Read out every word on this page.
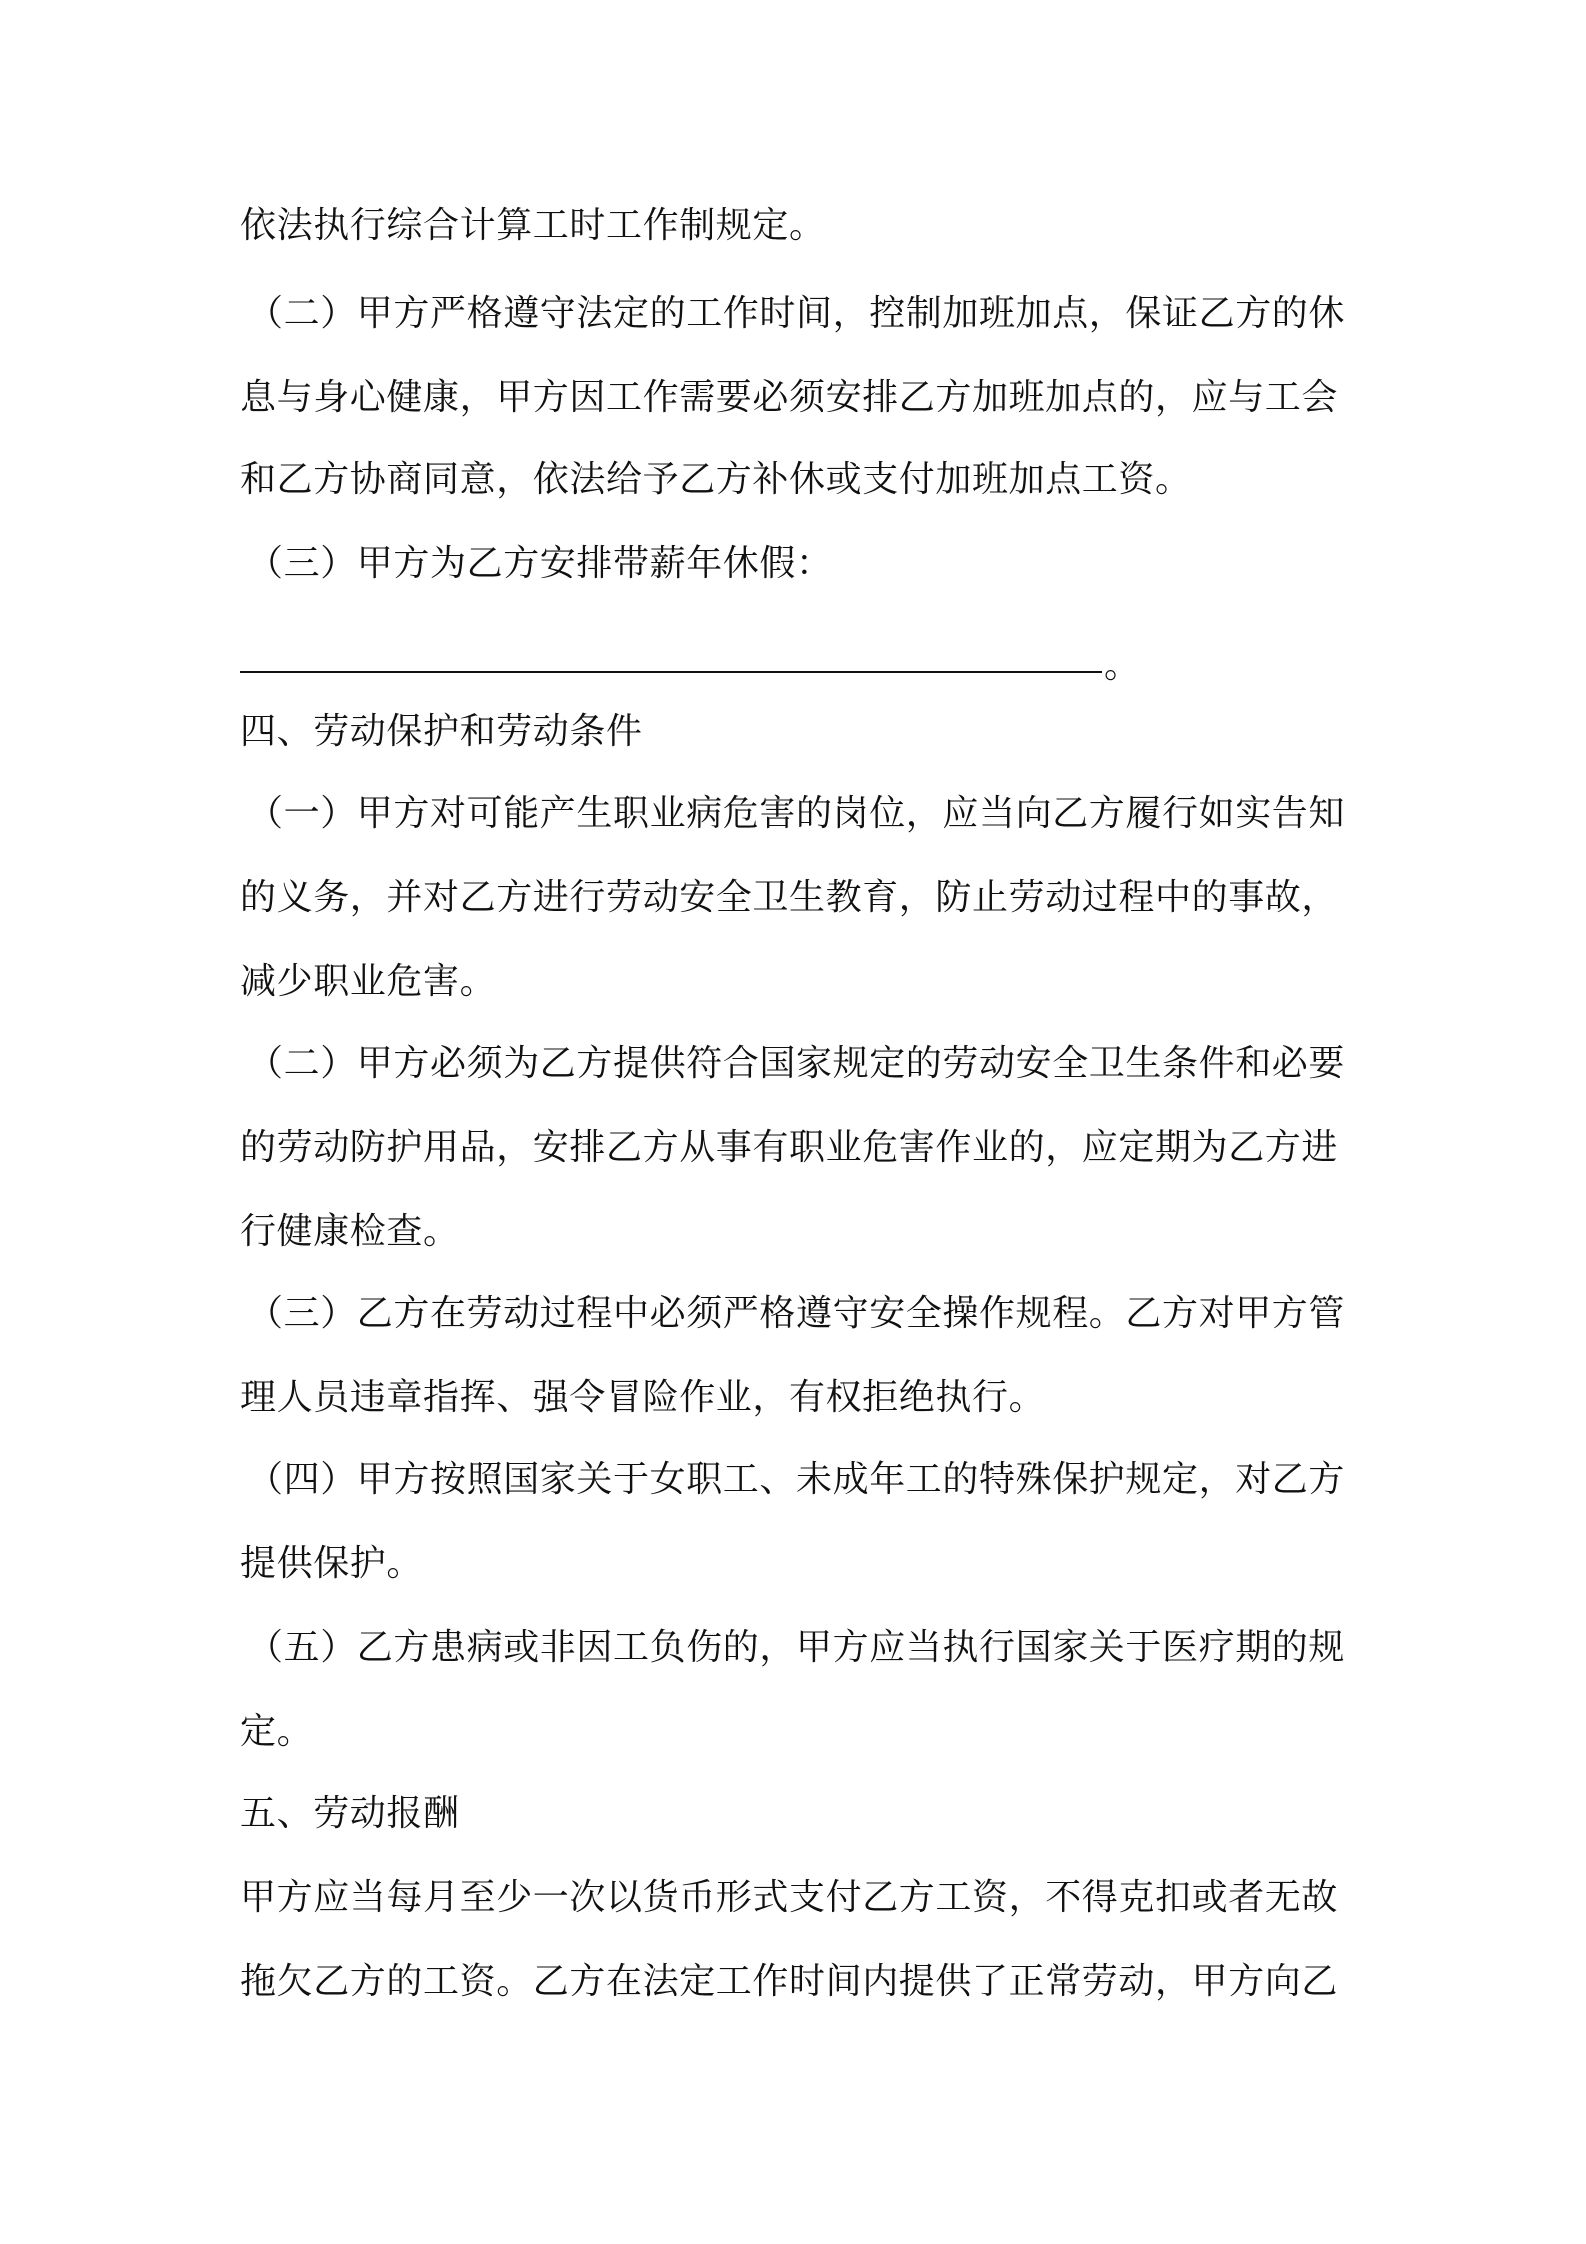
依法执行综合计算工时工作制规定。
（二）甲方严格遵守法定的工作时间，控制加班加点，保证乙方的休
息与身心健康，甲方因工作需要必须安排乙方加班加点的，应与工会
和乙方协商同意，依法给予乙方补休或支付加班加点工资。
（三）甲方为乙方安排带薪年休假：
。
四、劳动保护和劳动条件
（一）甲方对可能产生职业病危害的岗位，应当向乙方履行如实告知
的义务，并对乙方进行劳动安全卫生教育，防止劳动过程中的事故，
减少职业危害。
（二）甲方必须为乙方提供符合国家规定的劳动安全卫生条件和必要
的劳动防护用品，安排乙方从事有职业危害作业的，应定期为乙方进
行健康检查。
（三）乙方在劳动过程中必须严格遵守安全操作规程。乙方对甲方管
理人员违章指挥、强令冒险作业，有权拒绝执行。
（四）甲方按照国家关于女职工、未成年工的特殊保护规定，对乙方
提供保护。
（五）乙方患病或非因工负伤的，甲方应当执行国家关于医疗期的规
定。
五、劳动报酬
甲方应当每月至少一次以货币形式支付乙方工资，不得克扣或者无故
拖欠乙方的工资。乙方在法定工作时间内提供了正常劳动，甲方向乙
